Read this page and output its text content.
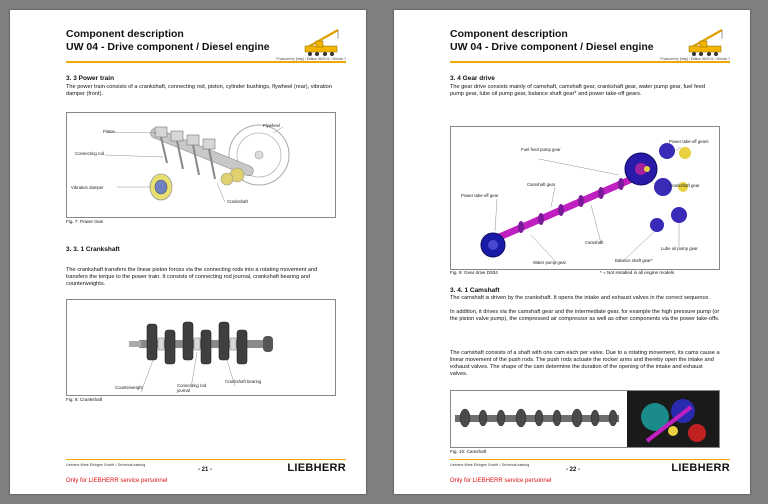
Component description
UW 04 - Drive component / Diesel engine
Produced by [resp] / Edition 05/2011 / Version 7
3. 3 Power train
The power train consists of a crankshaft, connecting rod, piston, cylinder bushings, flywheel (rear), vibration damper (front).
Piston
Flywheel
Connecting rod
Vibration damper
Crankshaft
Fig. 7: Power train
3. 3. 1 Crankshaft
The crankshaft transfers the linear piston forces via the connecting rods into a rotating movement and transfers the torque to the power train. It consists of connecting rod journal, crankshaft bearing and counterweights.
Counterweight	Connecting rod journal
Crankshaft bearing
Fig. 8: Crankshaft
Liebherr-Werk Ehingen GmbH • Technical training
- 21 -	LIEBHERR
Only for LIEBHERR service personnel
Component description
UW 04 - Drive component / Diesel engine
Produced by [resp] / Edition 05/2011 / Version 7
3. 4 Gear drive
The gear drive consists mainly of camshaft, camshaft gear, crankshaft gear, water pump gear, fuel feed pump gear, lube oil pump gear, balance shaft gear* and power take-off gears.
Power take-off gears
Fuel feed pump gear
Camshaft gear
Power take-off gear
Crankshaft gear
Camshaft
Lube oil pump gear
Water pump gear	Balance shaft gear*
Fig. 9: Gear drive D934	* = Not installed in all engine models
3. 4. 1 Camshaft
The camshaft is driven by the crankshaft. It opens the intake and exhaust valves in the correct sequence.
In addition, it drives via the camshaft gear and the intermediate gear, for example the high pressure pump (or the piston valve pump), the compressed air compressor as well as other components via the power take-offs.
The camshaft consists of a shaft with one cam each per valve. Due to a rotating movement, its cams cause a linear movement of the push rods. The push rods actuate the rocker arms and thereby open the intake and exhaust valves. The shape of the cam determine the duration of the opening of the intake and exhaust valves.
Fig. 10: Camshaft
Liebherr-Werk Ehingen GmbH • Technical training
- 22 -	LIEBHERR
Only for LIEBHERR service personnel
